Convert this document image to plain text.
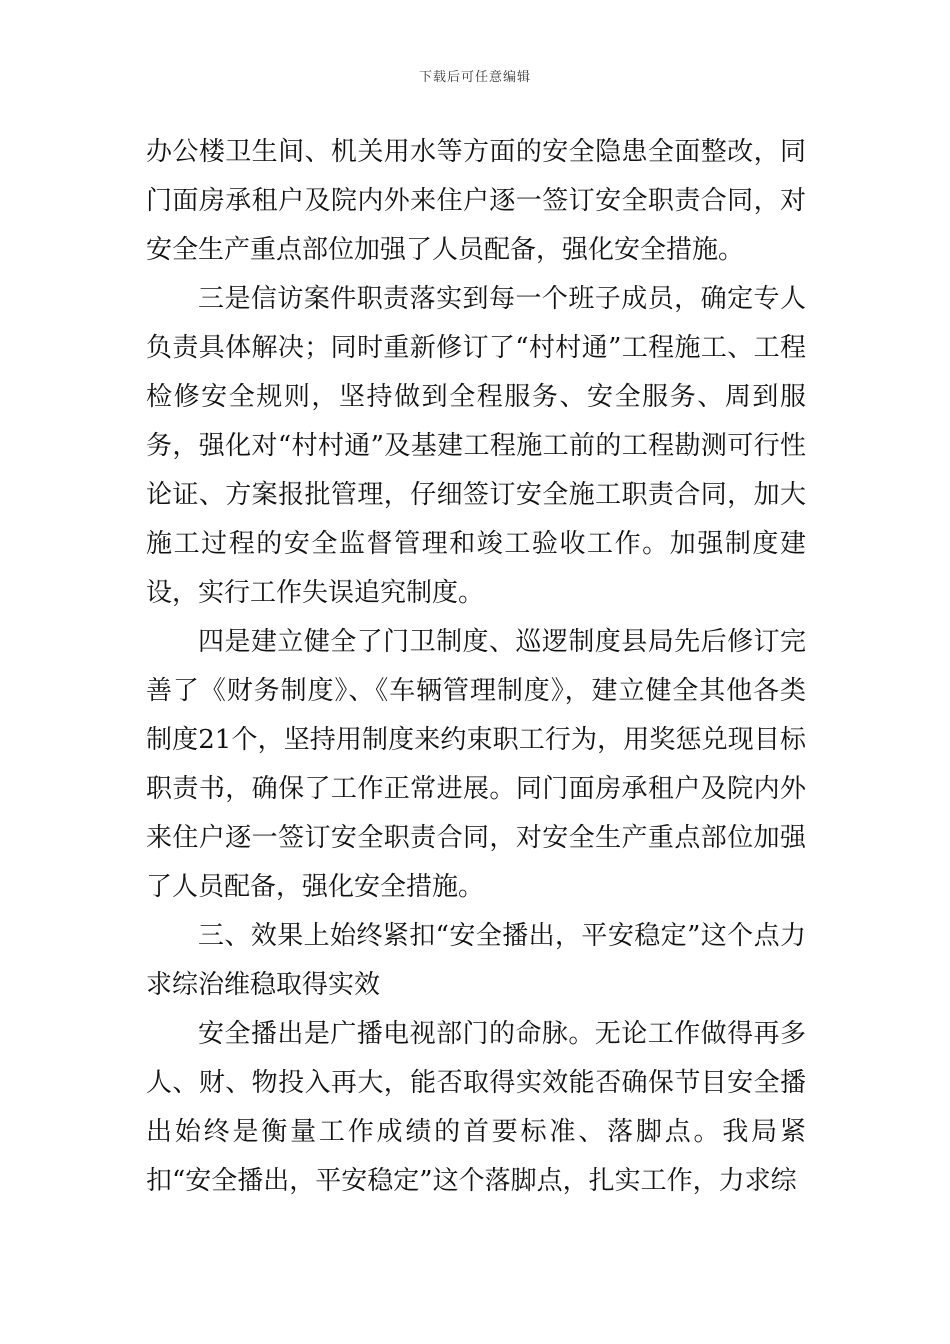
下载后可任意编辑

办公楼卫生间、机关用水等方面的安全隐患全面整改，同门面房承租户及院内外来住户逐一签订安全职责合同，对安全生产重点部位加强了人员配备，强化安全措施。

三是信访案件职责落实到每一个班子成员，确定专人负责具体解决；同时重新修订了“村村通”工程施工、工程检修安全规则，坚持做到全程服务、安全服务、周到服务，强化对“村村通”及基建工程施工前的工程勘测可行性论证、方案报批管理，仔细签订安全施工职责合同，加大施工过程的安全监督管理和竣工验收工作。加强制度建设，实行工作失误追究制度。

四是建立健全了门卫制度、巡逻制度县局先后修订完善了《财务制度》、《车辆管理制度》，建立健全其他各类制度21个，坚持用制度来约束职工行为，用奖惩兑现目标职责书，确保了工作正常进展。同门面房承租户及院内外来住户逐一签订安全职责合同，对安全生产重点部位加强了人员配备，强化安全措施。

三、效果上始终紧扣“安全播出，平安稳定”这个点力求综治维稳取得实效

安全播出是广播电视部门的命脉。无论工作做得再多人、财、物投入再大，能否取得实效能否确保节目安全播出始终是衡量工作成绩的首要标准、落脚点。我局紧扣“安全播出，平安稳定”这个落脚点，扎实工作，力求综
